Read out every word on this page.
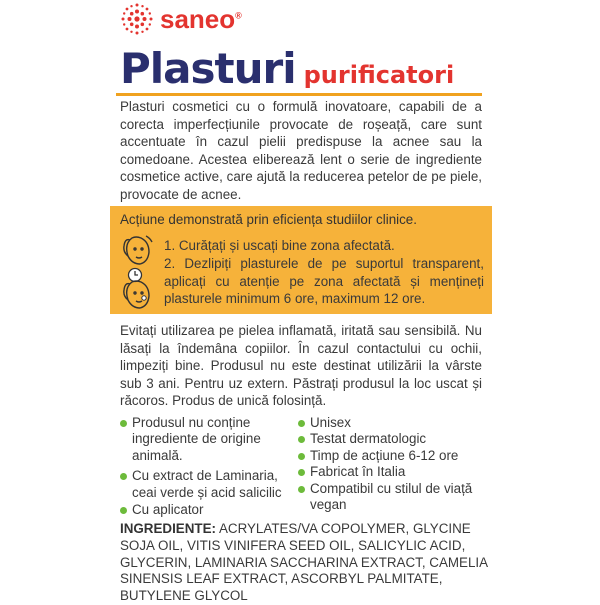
saneo®
Plasturi purificatori
Plasturi cosmetici cu o formulă inovatoare, capabili de a corecta imperfecțiunile provocate de roșeață, care sunt accentuate în cazul pielii predispuse la acnee sau la comedoane. Acestea eliberează lent o serie de ingrediente cosmetice active, care ajută la reducerea petelor de pe piele, provocate de acnee.
Acțiune demonstrată prin eficiența studiilor clinice.
1. Curățați și uscați bine zona afectată.
2. Dezlipiți plasturele de pe suportul transparent, aplicați cu atenție pe zona afectată și mențineți plasturele minimum 6 ore, maximum 12 ore.
Evitați utilizarea pe pielea inflamată, iritată sau sensibilă. Nu lăsați la îndemâna copiilor. În cazul contactului cu ochii, limpeziți bine. Produsul nu este destinat utilizării la vârste sub 3 ani. Pentru uz extern. Păstrați produsul la loc uscat și răcoros. Produs de unică folosință.
Produsul nu conține ingrediente de origine animală.
Cu extract de Laminaria, ceai verde și acid salicilic
Cu aplicator
Unisex
Testat dermatologic
Timp de acțiune 6-12 ore
Fabricat în Italia
Compatibil cu stilul de viață vegan
INGREDIENTE: ACRYLATES/VA COPOLYMER, GLYCINE SOJA OIL, VITIS VINIFERA SEED OIL, SALICYLIC ACID, GLYCERIN, LAMINARIA SACCHARINA EXTRACT, CAMELIA SINENSIS LEAF EXTRACT, ASCORBYL PALMITATE, BUTYLENE GLYCOL
